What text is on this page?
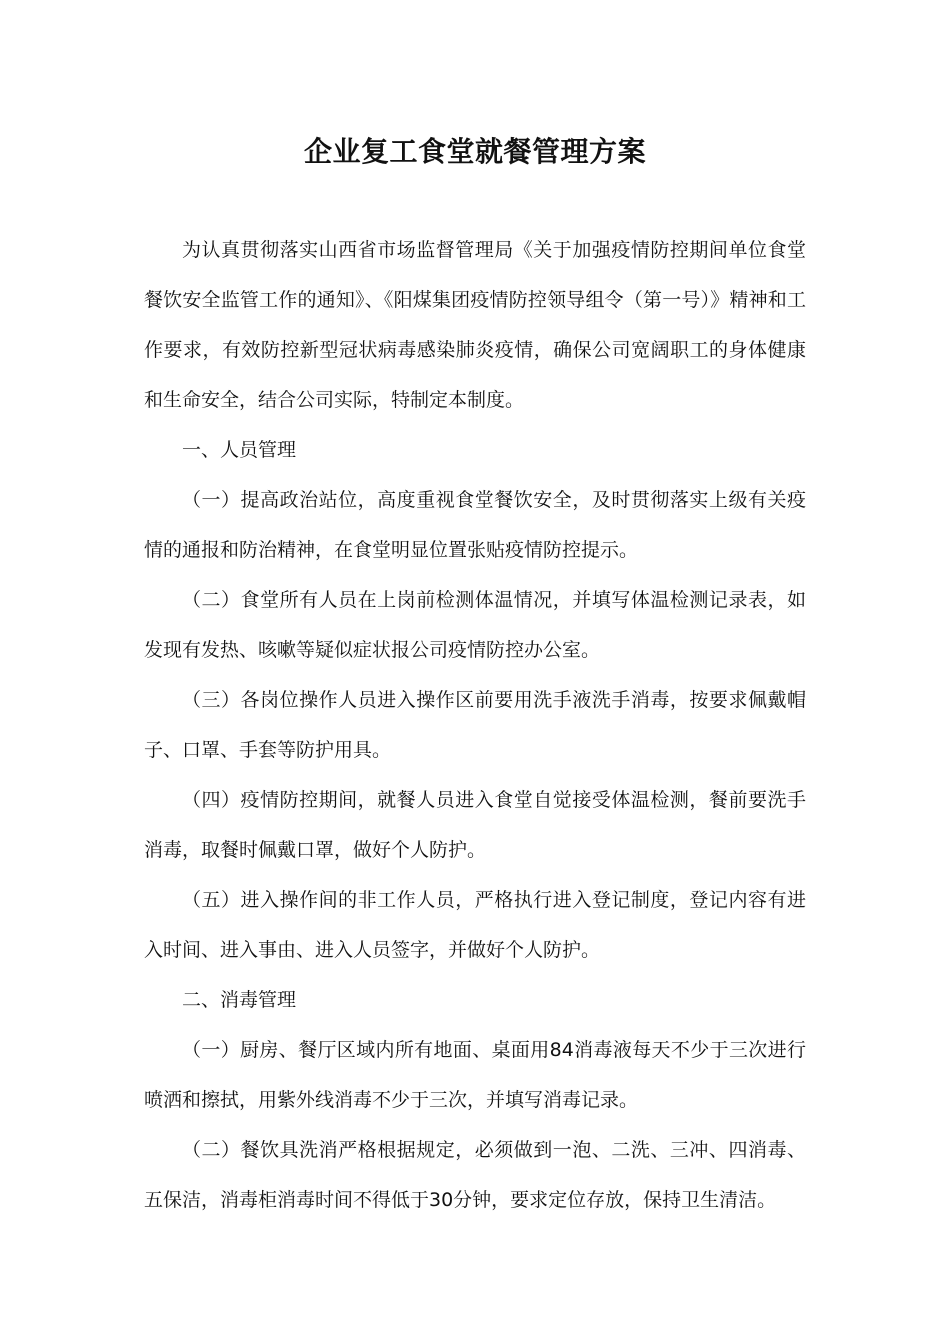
企业复工食堂就餐管理方案

为认真贯彻落实山西省市场监督管理局《关于加强疫情防控期间单位食堂餐饮安全监管工作的通知》、《阳煤集团疫情防控领导组令（第一号）》精神和工作要求，有效防控新型冠状病毒感染肺炎疫情，确保公司宽阔职工的身体健康和生命安全，结合公司实际，特制定本制度。

一、人员管理

（一）提高政治站位，高度重视食堂餐饮安全，及时贯彻落实上级有关疫情的通报和防治精神，在食堂明显位置张贴疫情防控提示。

（二）食堂所有人员在上岗前检测体温情况，并填写体温检测记录表，如发现有发热、咳嗽等疑似症状报公司疫情防控办公室。

（三）各岗位操作人员进入操作区前要用洗手液洗手消毒，按要求佩戴帽子、口罩、手套等防护用具。

（四）疫情防控期间，就餐人员进入食堂自觉接受体温检测，餐前要洗手消毒，取餐时佩戴口罩，做好个人防护。

（五）进入操作间的非工作人员，严格执行进入登记制度，登记内容有进入时间、进入事由、进入人员签字，并做好个人防护。

二、消毒管理

（一）厨房、餐厅区域内所有地面、桌面用84消毒液每天不少于三次进行喷洒和擦拭，用紫外线消毒不少于三次，并填写消毒记录。

（二）餐饮具洗消严格根据规定，必须做到一泡、二洗、三冲、四消毒、五保洁，消毒柜消毒时间不得低于30分钟，要求定位存放，保持卫生清洁。
